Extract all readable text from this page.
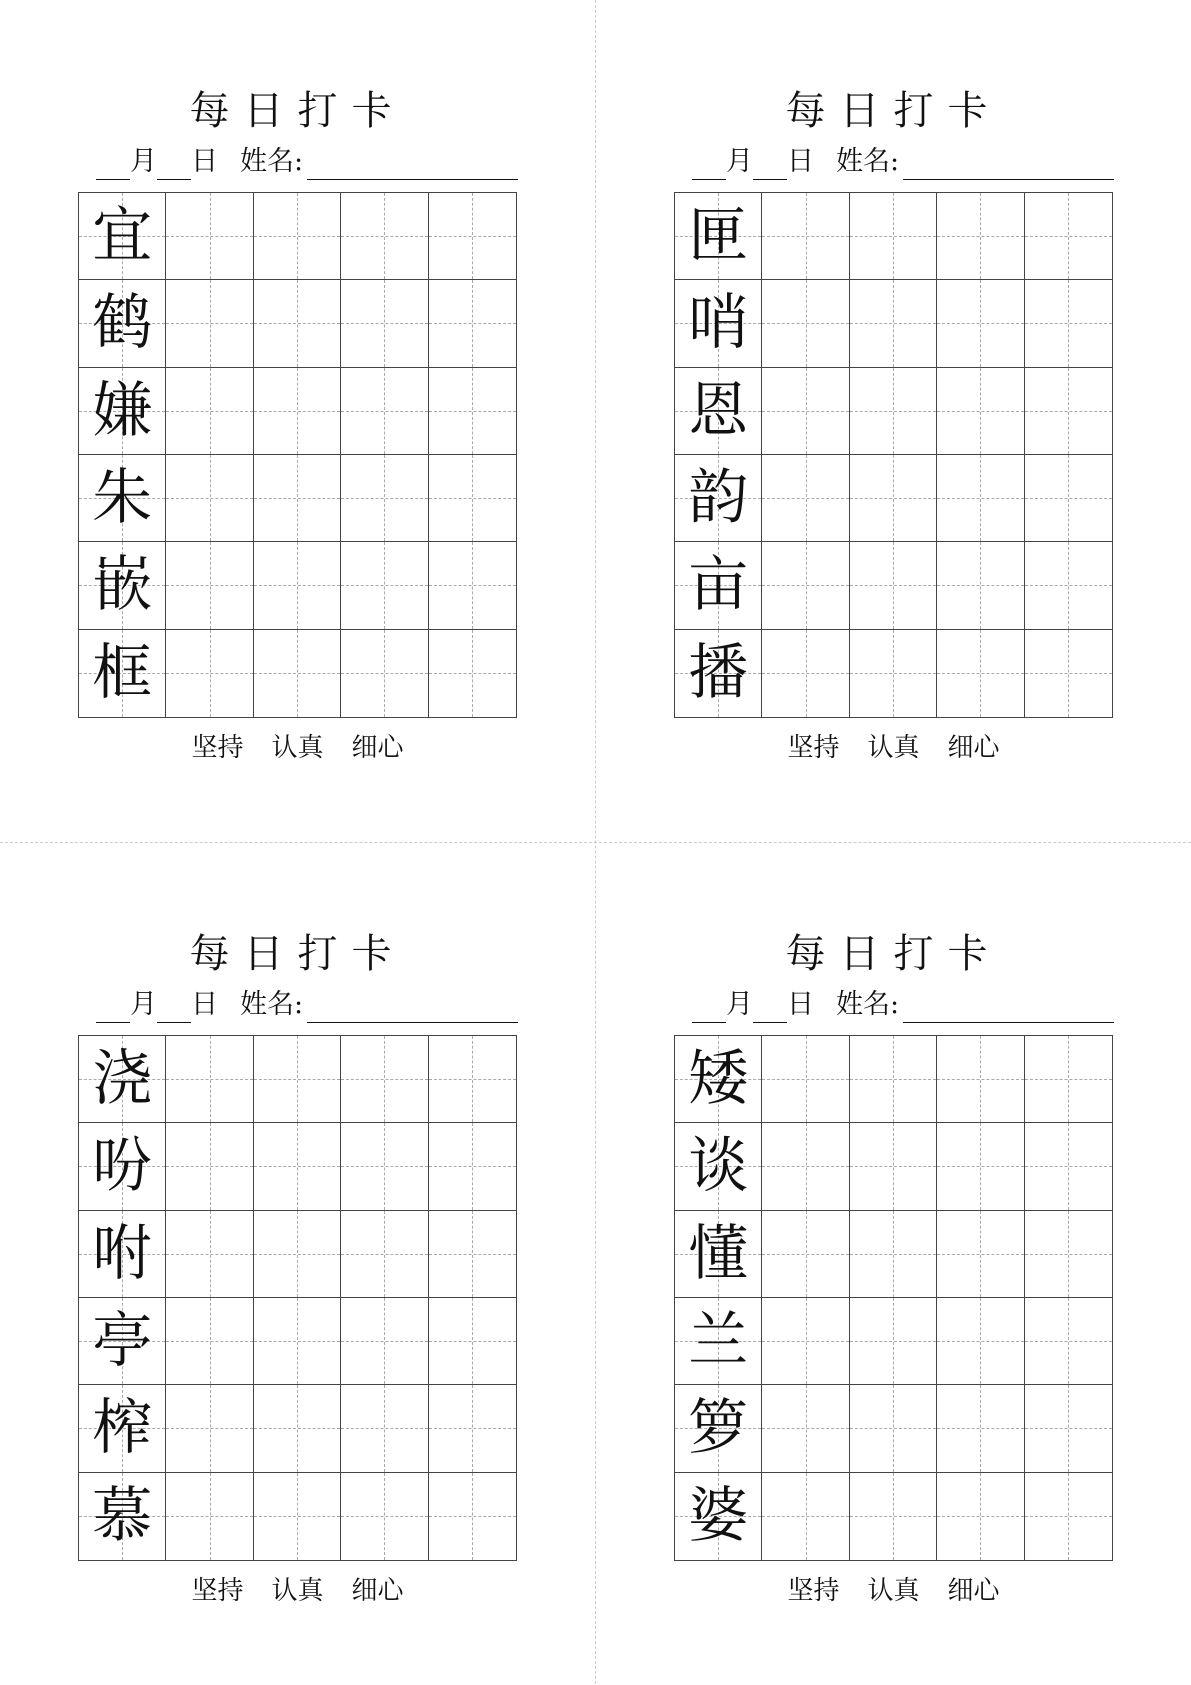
每日打卡
月 日 姓名:
宜
鹤
嫌
朱
嵌
框
坚持 认真 细心
每日打卡
月 日 姓名:
匣
哨
恩
韵
亩
播
坚持 认真 细心
每日打卡
月 日 姓名:
浇
吩
咐
亭
榨
慕
坚持 认真 细心
每日打卡
月 日 姓名:
矮
谈
懂
兰
箩
婆
坚持 认真 细心
